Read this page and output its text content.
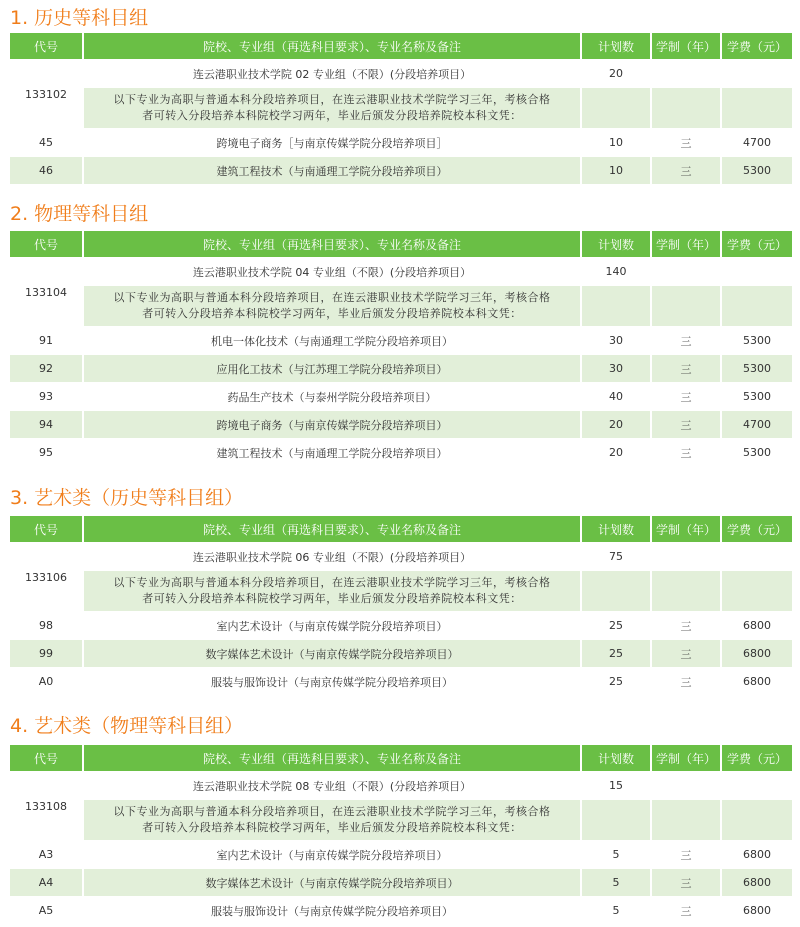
1. 历史等科目组
代号	院校、专业组（再选科目要求）、专业名称及备注	计划数	学制（年）	学费（元）
133102	连云港职业技术学院 02 专业组（不限）(分段培养项目）	20		

	以下专业为高职与普通本科分段培养项目，在连云港职业技术学院学习三年，考核合格
者可转入分段培养本科院校学习两年，毕业后颁发分段培养院校本科文凭：			

45	跨境电子商务［与南京传媒学院分段培养项目］	10	三	4700
46	建筑工程技术（与南通理工学院分段培养项目）	10	三	5300
2. 物理等科目组
代号	院校、专业组（再选科目要求）、专业名称及备注	计划数	学制（年）	学费（元）
133104	连云港职业技术学院 04 专业组（不限）(分段培养项目）	140		

	以下专业为高职与普通本科分段培养项目，在连云港职业技术学院学习三年，考核合格
者可转入分段培养本科院校学习两年，毕业后颁发分段培养院校本科文凭：			

91	机电一体化技术（与南通理工学院分段培养项目）	30	三	5300
92	应用化工技术（与江苏理工学院分段培养项目）	30	三	5300
93	药品生产技术（与泰州学院分段培养项目）	40	三	5300
94	跨境电子商务（与南京传媒学院分段培养项目）	20	三	4700
95	建筑工程技术（与南通理工学院分段培养项目）	20	三	5300
3. 艺术类（历史等科目组）
代号	院校、专业组（再选科目要求）、专业名称及备注	计划数	学制（年）	学费（元）
133106	连云港职业技术学院 06 专业组（不限）(分段培养项目）	75		

	以下专业为高职与普通本科分段培养项目，在连云港职业技术学院学习三年，考核合格
者可转入分段培养本科院校学习两年，毕业后颁发分段培养院校本科文凭：			

98	室内艺术设计（与南京传媒学院分段培养项目）	25	三	6800
99	数字媒体艺术设计（与南京传媒学院分段培养项目）	25	三	6800
A0	服装与服饰设计（与南京传媒学院分段培养项目）	25	三	6800
4. 艺术类（物理等科目组）
代号	院校、专业组（再选科目要求）、专业名称及备注	计划数	学制（年）	学费（元）
133108	连云港职业技术学院 08 专业组（不限）(分段培养项目）	15		

	以下专业为高职与普通本科分段培养项目，在连云港职业技术学院学习三年，考核合格
者可转入分段培养本科院校学习两年，毕业后颁发分段培养院校本科文凭：			

A3	室内艺术设计（与南京传媒学院分段培养项目）	5	三	6800
A4	数字媒体艺术设计（与南京传媒学院分段培养项目）	5	三	6800
A5	服装与服饰设计（与南京传媒学院分段培养项目）	5	三	6800
